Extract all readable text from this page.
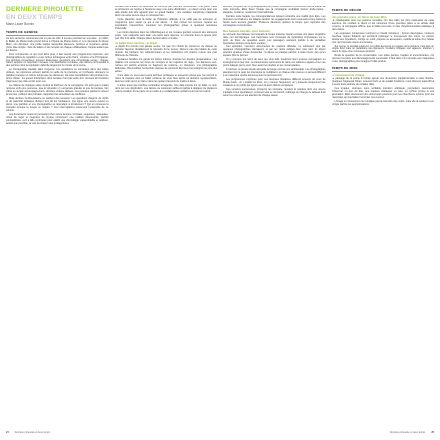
DERNIÈRE PIROUETTE
EN DEUX TEMPS
Marie-Laure Bonnin
TEMPS DE GENÈSE

Ce livre aurait pu commencer par un pas de côté. Il s'ouvre pourtant sur une date : en 1932, le Ballet de Monte-Carlo prend forme à l'Opéra de Monte-Carlo et, à la demande de René Blum, son directeur, une petite équipe rassemble danseurs, peintres et musiciens autour d'une idée simple : faire du ballet un art complet où chaque collaborateur compte autant que les autres.

Pour comprendre ce qui s'est alors joué, il faut revenir aux programmes imprimés, aux photographies de répétition et aux lettres échangées entre Paris, Londres et la Principauté. Les archives conservées, souvent dispersées, dessinent une chronologie serrée : chaque saison apporte un répertoire nouveau, une distribution remaniée, des décors commandés à des peintres dont la réputation déborde largement le monde de la scène.

Le chorégraphe travaille dans l'urgence. Les répétitions se succèdent dans des salles prêtées, les costumes arrivent parfois la veille de la première, et l'orchestre découvre la partition presque en même temps que les danseurs. De cette précipitation naît pourtant une forme d'élan : les jeunes interprètes, dont certains n'ont pas seize ans, trouvent là l'occasion d'éprouver des rôles écrits pour eux.

La critique de l'époque salue surtout la fraîcheur de la compagnie. On écrit que le ballet retrouve enfin une jeunesse, que la virtuosité n'y est jamais gratuite et que la musique, loin d'être un simple accompagnement, structure chaque tableau. Les journaux parisiens suivent la tournée, publient des portraits, rapportent les anecdotes de coulisses.

Mais derrière l'enthousiasme se cachent des tensions. Les questions d'argent, de droits et de paternité artistique divisent très tôt les fondateurs. Qui signe une œuvre quand un décor, une partition et une chorégraphie se répondent si étroitement ? Qui en conserve la mémoire lorsque la troupe se sépare ? Ces interrogations traversent l'ensemble de ce volume.

Les documents réunis ici permettent d'en suivre la trace. Contrats, esquisses, maquettes, notes de régie et coupures de presse composent une matière foisonnante, parfois contradictoire, qu'il a fallu confronter pour établir une chronologie vraisemblable et restituer, autant que possible, la voix de chacun des protagonistes.

Pendant ces années, le répertoire se construit par couches successives. Une pièce créée au printemps est reprise à l'automne avec une autre distribution ; un décor conçu pour une salle étroite doit être agrandi pour un grand théâtre ; une variation supprimée réapparaît dans une autre œuvre sous un nouveau titre.

Cette plasticité rend la tâche de l'historien délicate. Il ne suffit pas de retrouver un programme pour savoir ce qui a été dansé : il faut croiser les sources, repérer les annotations manuscrites, comparer les photographies prises à quelques semaines d'intervalle.

Les fonds déposés dans les bibliothèques et les musées gardent souvent des éléments isolés : une maquette sans date, une lettre sans réponse, un costume dont on ignore pour quel rôle il fut taillé. Chaque pièce devient alors un indice.

Un ballet dans l'archive : le dépôt

Le dépôt d'un fonds n'est jamais neutre. Ce que l'on choisit de conserver, de classer ou d'écarter façonne durablement la mémoire d'une œuvre. Dans le cas des ballets de cette période, les héritiers, les collectionneurs et les institutions ont chacun retenu une part différente de l'histoire.

Certaines familles ont gardé les lettres intimes, d'autres les dessins préparatoires ; les théâtres ont conservé les livres de comptes et les registres de régie ; les danseurs eux-mêmes ont parfois emporté un fragment de costume, un chausson, une photographie dédicacée. Reconstituer l'ensemble suppose de parcourir des lieux très éloignés les uns des autres.

C'est dans ce va-et-vient entre archives publiques et souvenirs privés que l'on perçoit le mieux la manière dont un ballet continue de vivre bien après sa dernière représentation, dans les récits qu'on en fait et dans les gestes transmis de maître à élève.

Il arrive aussi que l'archive contredise la légende. Une date inscrite sur un billet, un nom barré sur une distribution, une facture de costumier suffisent parfois à déplacer de plusieurs mois la création d'une pièce ou à rendre à un collaborateur oublié la part qui lui revient.

Affiches, programmes et photographies de presse constituent la première couche visible de cette mémoire. Elles fixent l'image que la compagnie souhaitait donner d'elle-même : élégante, moderne, résolument internationale.

Derrière cette façade, les correspondances laissent entendre une réalité plus âpre. Les tournées s'enchaînent, les salaires tardent, les engagements sont renouvelés d'une saison à l'autre sans aucune garantie. Plusieurs danseurs quittent la troupe pour rejoindre des compagnies concurrentes.

Mes bateaux interdits, pour mémoire

Le souvenir des bateaux sur lesquels la troupe traverse l'océan occupe une place singulière dans ces témoignages. Les traversées sont l'occasion de répétitions improvisées sur le pont, de fêtes, de querelles aussi. Les passagers assistent parfois à de véritables spectacles donnés entre deux escales.

Ces épisodes, rarement documentés de manière officielle, ne subsistent que par quelques photographies d'amateurs et par les récits rédigés bien plus tard. Ils disent pourtant quelque chose d'essentiel : la danse se pratique partout, à toute heure, dès qu'un espace libre le permet.

On y retrouve les noms de ceux qui, plus tard, fonderont leurs propres compagnies ou enseigneront à leur tour. La transmission commence là, dans ces cabines exiguës et sur ces ponts balayés par le vent, bien avant les studios et les conservatoires.

À l'arrivée, la presse locale accueille la troupe comme une ambassade. Les photographes attendent sur le quai, les interviews se multiplient, et chaque ville réserve un accueil différent à un répertoire qu'elle découvre pour la première fois.

Les programmes imprimés pour ces tournées lointaines diffèrent souvent de ceux de Monte-Carlo : on y traduit les titres, on y résume l'argument, on y présente longuement les créateurs à un public qui ignore tout de leurs débuts européens.

Ces versions successives, lorsqu'on les compare, révèlent la manière dont une œuvre s'adapte à ses spectateurs, comment elle se raccourcit, s'allonge ou change de tableau final selon les scènes et les attentes de chaque saison.

TEMPS DE DÉCOR
Une première pièce, un décor de Joan Miró

La collaboration avec les peintres constitue l'un des traits les plus marquants de cette aventure. En confiant le décor et les costumes d'une première pièce à un artiste déjà reconnu, la compagnie affirme que le ballet peut être un lieu d'expérimentation plastique à part entière.

Les esquisses conservées montrent un travail minutieux : formes découpées, couleurs franches, signes flottants qui semblent prolonger le mouvement des corps. Le peintre assiste aux répétitions, corrige un motif, propose un accessoire, modifie la teinte d'un rideau pour qu'il réponde mieux à la lumière.

Sur scène, le résultat surprend. Le public découvre un espace où la peinture n'est plus un simple fond mais un partenaire des danseurs. Certains critiques s'en agacent, d'autres y voient le signe d'un renouveau profond.

Reste la question de la conservation. Les toiles peintes, fragiles et encombrantes, ont rarement survécu aux déménagements successifs. Il faut alors s'en remettre aux maquettes et aux photographies pour imaginer l'effet produit.

TEMPS DE MISE
Le mouvement de l'image

Le passage de la scène à l'écran ajoute une dimension supplémentaire à cette histoire. Quelques fragments filmés, souvent brefs et de qualité médiocre, nous donnent aujourd'hui la seule trace animée de certains rôles.

Ces images, tournées sans véritable intention artistique, permettent néanmoins d'observer un port de tête, une manière d'attaquer un saut, un rythme propre à une génération. Elles deviennent des documents précieux pour les chercheurs comme pour les interprètes qui souhaitent remonter ces œuvres.

L'image en mouvement ne remplace pas la mémoire des corps, mais elle la soutient et en corrige parfois les approximations.

24	Dernière pirouette en deux temps	Dernière pirouette en deux temps	25
